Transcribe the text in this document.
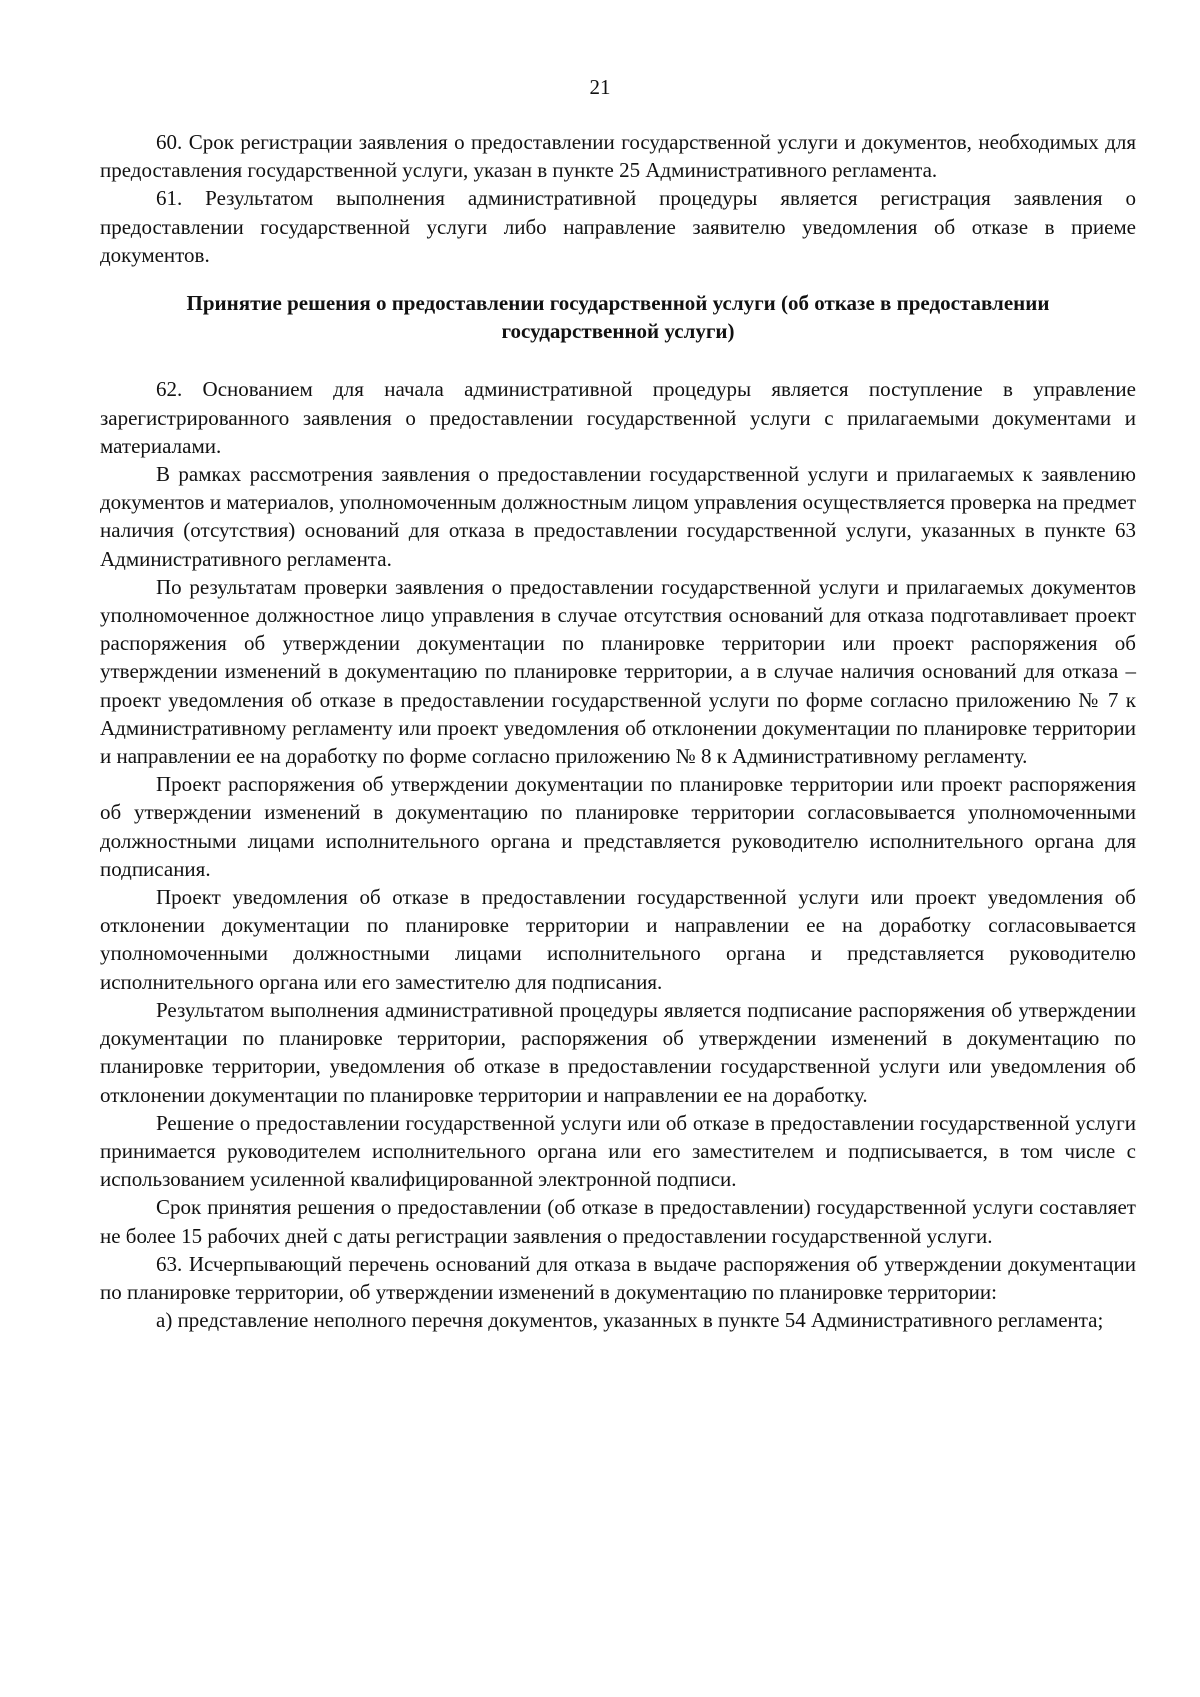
21

60. Срок регистрации заявления о предоставлении государственной услуги и документов, необходимых для предоставления государственной услуги, указан в пункте 25 Административного регламента.

61. Результатом выполнения административной процедуры является регистрация заявления о предоставлении государственной услуги либо направление заявителю уведомления об отказе в приеме документов.

Принятие решения о предоставлении государственной услуги (об отказе в предоставлении государственной услуги)

62. Основанием для начала административной процедуры является поступление в управление зарегистрированного заявления о предоставлении государственной услуги с прилагаемыми документами и материалами.

В рамках рассмотрения заявления о предоставлении государственной услуги и прилагаемых к заявлению документов и материалов, уполномоченным должностным лицом управления осуществляется проверка на предмет наличия (отсутствия) оснований для отказа в предоставлении государственной услуги, указанных в пункте 63 Административного регламента.

По результатам проверки заявления о предоставлении государственной услуги и прилагаемых документов уполномоченное должностное лицо управления в случае отсутствия оснований для отказа подготавливает проект распоряжения об утверждении документации по планировке территории или проект распоряжения об утверждении изменений в документацию по планировке территории, а в случае наличия оснований для отказа – проект уведомления об отказе в предоставлении государственной услуги по форме согласно приложению № 7 к Административному регламенту или проект уведомления об отклонении документации по планировке территории и направлении ее на доработку по форме согласно приложению № 8 к Административному регламенту.

Проект распоряжения об утверждении документации по планировке территории или проект распоряжения об утверждении изменений в документацию по планировке территории согласовывается уполномоченными должностными лицами исполнительного органа и представляется руководителю исполнительного органа для подписания.

Проект уведомления об отказе в предоставлении государственной услуги или проект уведомления об отклонении документации по планировке территории и направлении ее на доработку согласовывается уполномоченными должностными лицами исполнительного органа и представляется руководителю исполнительного органа или его заместителю для подписания.

Результатом выполнения административной процедуры является подписание распоряжения об утверждении документации по планировке территории, распоряжения об утверждении изменений в документацию по планировке территории, уведомления об отказе в предоставлении государственной услуги или уведомления об отклонении документации по планировке территории и направлении ее на доработку.

Решение о предоставлении государственной услуги или об отказе в предоставлении государственной услуги принимается руководителем исполнительного органа или его заместителем и подписывается, в том числе с использованием усиленной квалифицированной электронной подписи.

Срок принятия решения о предоставлении (об отказе в предоставлении) государственной услуги составляет не более 15 рабочих дней с даты регистрации заявления о предоставлении государственной услуги.

63. Исчерпывающий перечень оснований для отказа в выдаче распоряжения об утверждении документации по планировке территории, об утверждении изменений в документацию по планировке территории:

а) представление неполного перечня документов, указанных в пункте 54 Административного регламента;
